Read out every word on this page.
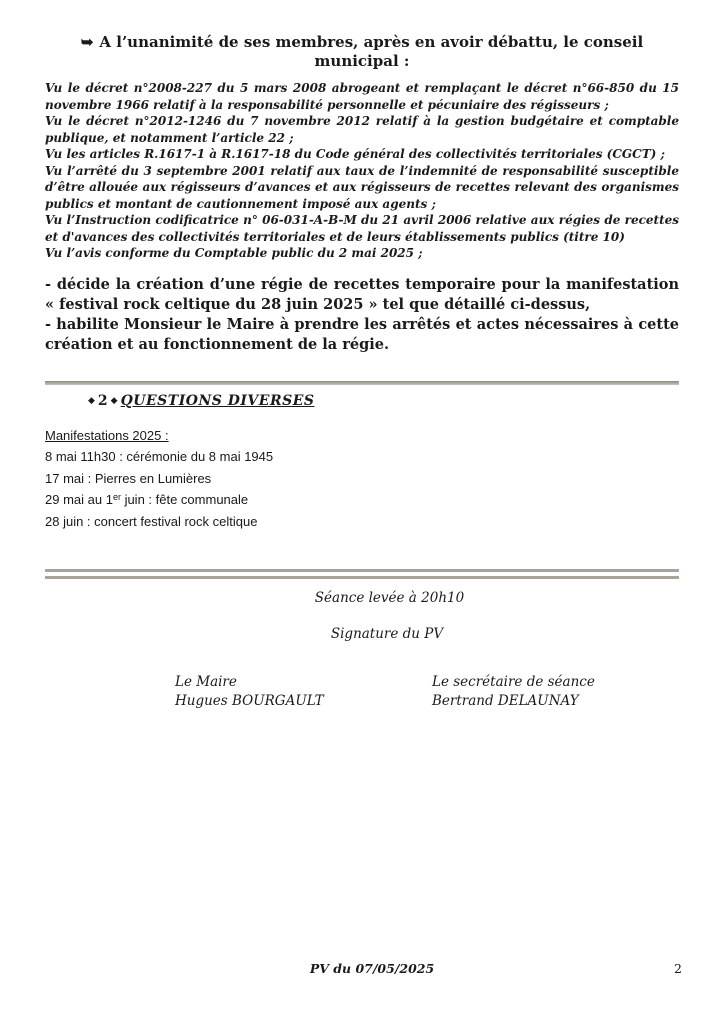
➥ A l’unanimité de ses membres, après en avoir débattu, le conseil municipal :

Vu le décret n°2008-227 du 5 mars 2008 abrogeant et remplaçant le décret n°66-850 du 15 novembre 1966 relatif à la responsabilité personnelle et pécuniaire des régisseurs ;

Vu le décret n°2012-1246 du 7 novembre 2012 relatif à la gestion budgétaire et comptable publique, et notamment l’article 22 ;

Vu les articles R.1617-1 à R.1617-18 du Code général des collectivités territoriales (CGCT) ;

Vu l’arrêté du 3 septembre 2001 relatif aux taux de l’indemnité de responsabilité susceptible d’être allouée aux régisseurs d’avances et aux régisseurs de recettes relevant des organismes publics et montant de cautionnement imposé aux agents ;

Vu l’Instruction codificatrice n° 06-031-A-B-M du 21 avril 2006 relative aux régies de recettes et d'avances des collectivités territoriales et de leurs établissements publics (titre 10)

Vu l’avis conforme du Comptable public du 2 mai 2025 ;

- décide la création d’une régie de recettes temporaire pour la manifestation « festival rock celtique du 28 juin 2025 » tel que détaillé ci-dessus,

- habilite Monsieur le Maire à prendre les arrêtés et actes nécessaires à cette création et au fonctionnement de la régie.

◆ 2 ◆ QUESTIONS DIVERSES
Manifestations 2025 :
8 mai 11h30 : cérémonie du 8 mai 1945
17 mai : Pierres en Lumières
29 mai au 1er juin : fête communale
28 juin : concert festival rock celtique
Séance levée à 20h10
Signature du PV
Le Maire
Hugues BOURGAULT
Le secrétaire de séance
Bertrand DELAUNAY
PV du 07/05/2025	2
